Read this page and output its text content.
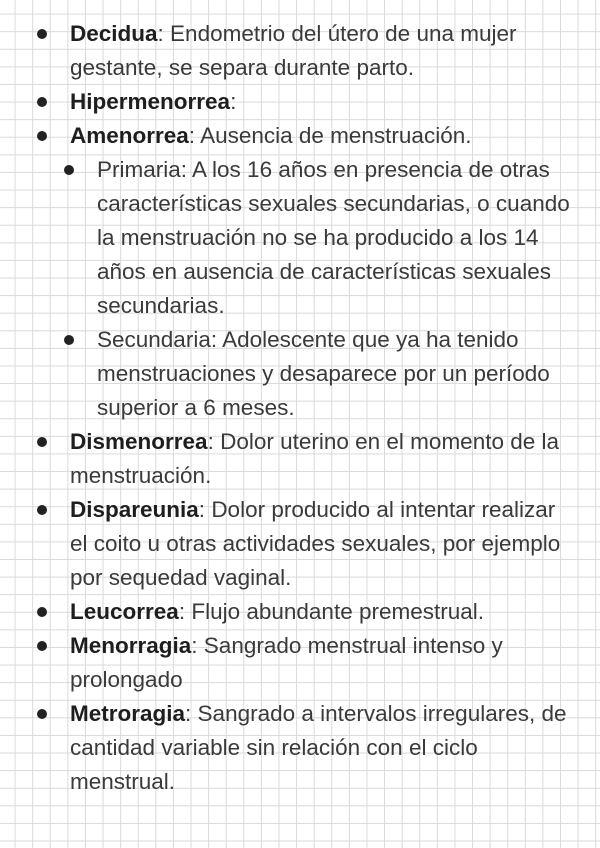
Decidua: Endometrio del útero de una mujer gestante, se separa durante parto.
Hipermenorrea:
Amenorrea: Ausencia de menstruación.
Primaria: A los 16 años en presencia de otras características sexuales secundarias, o cuando la menstruación no se ha producido a los 14 años en ausencia de características sexuales secundarias.
Secundaria: Adolescente que ya ha tenido menstruaciones y desaparece por un período superior a 6 meses.
Dismenorrea: Dolor uterino en el momento de la menstruación.
Dispareunia: Dolor producido al intentar realizar el coito u otras actividades sexuales, por ejemplo por sequedad vaginal.
Leucorrea: Flujo abundante premestrual.
Menorragia: Sangrado menstrual intenso y prolongado
Metroragia: Sangrado a intervalos irregulares, de cantidad variable sin relación con el ciclo menstrual.
